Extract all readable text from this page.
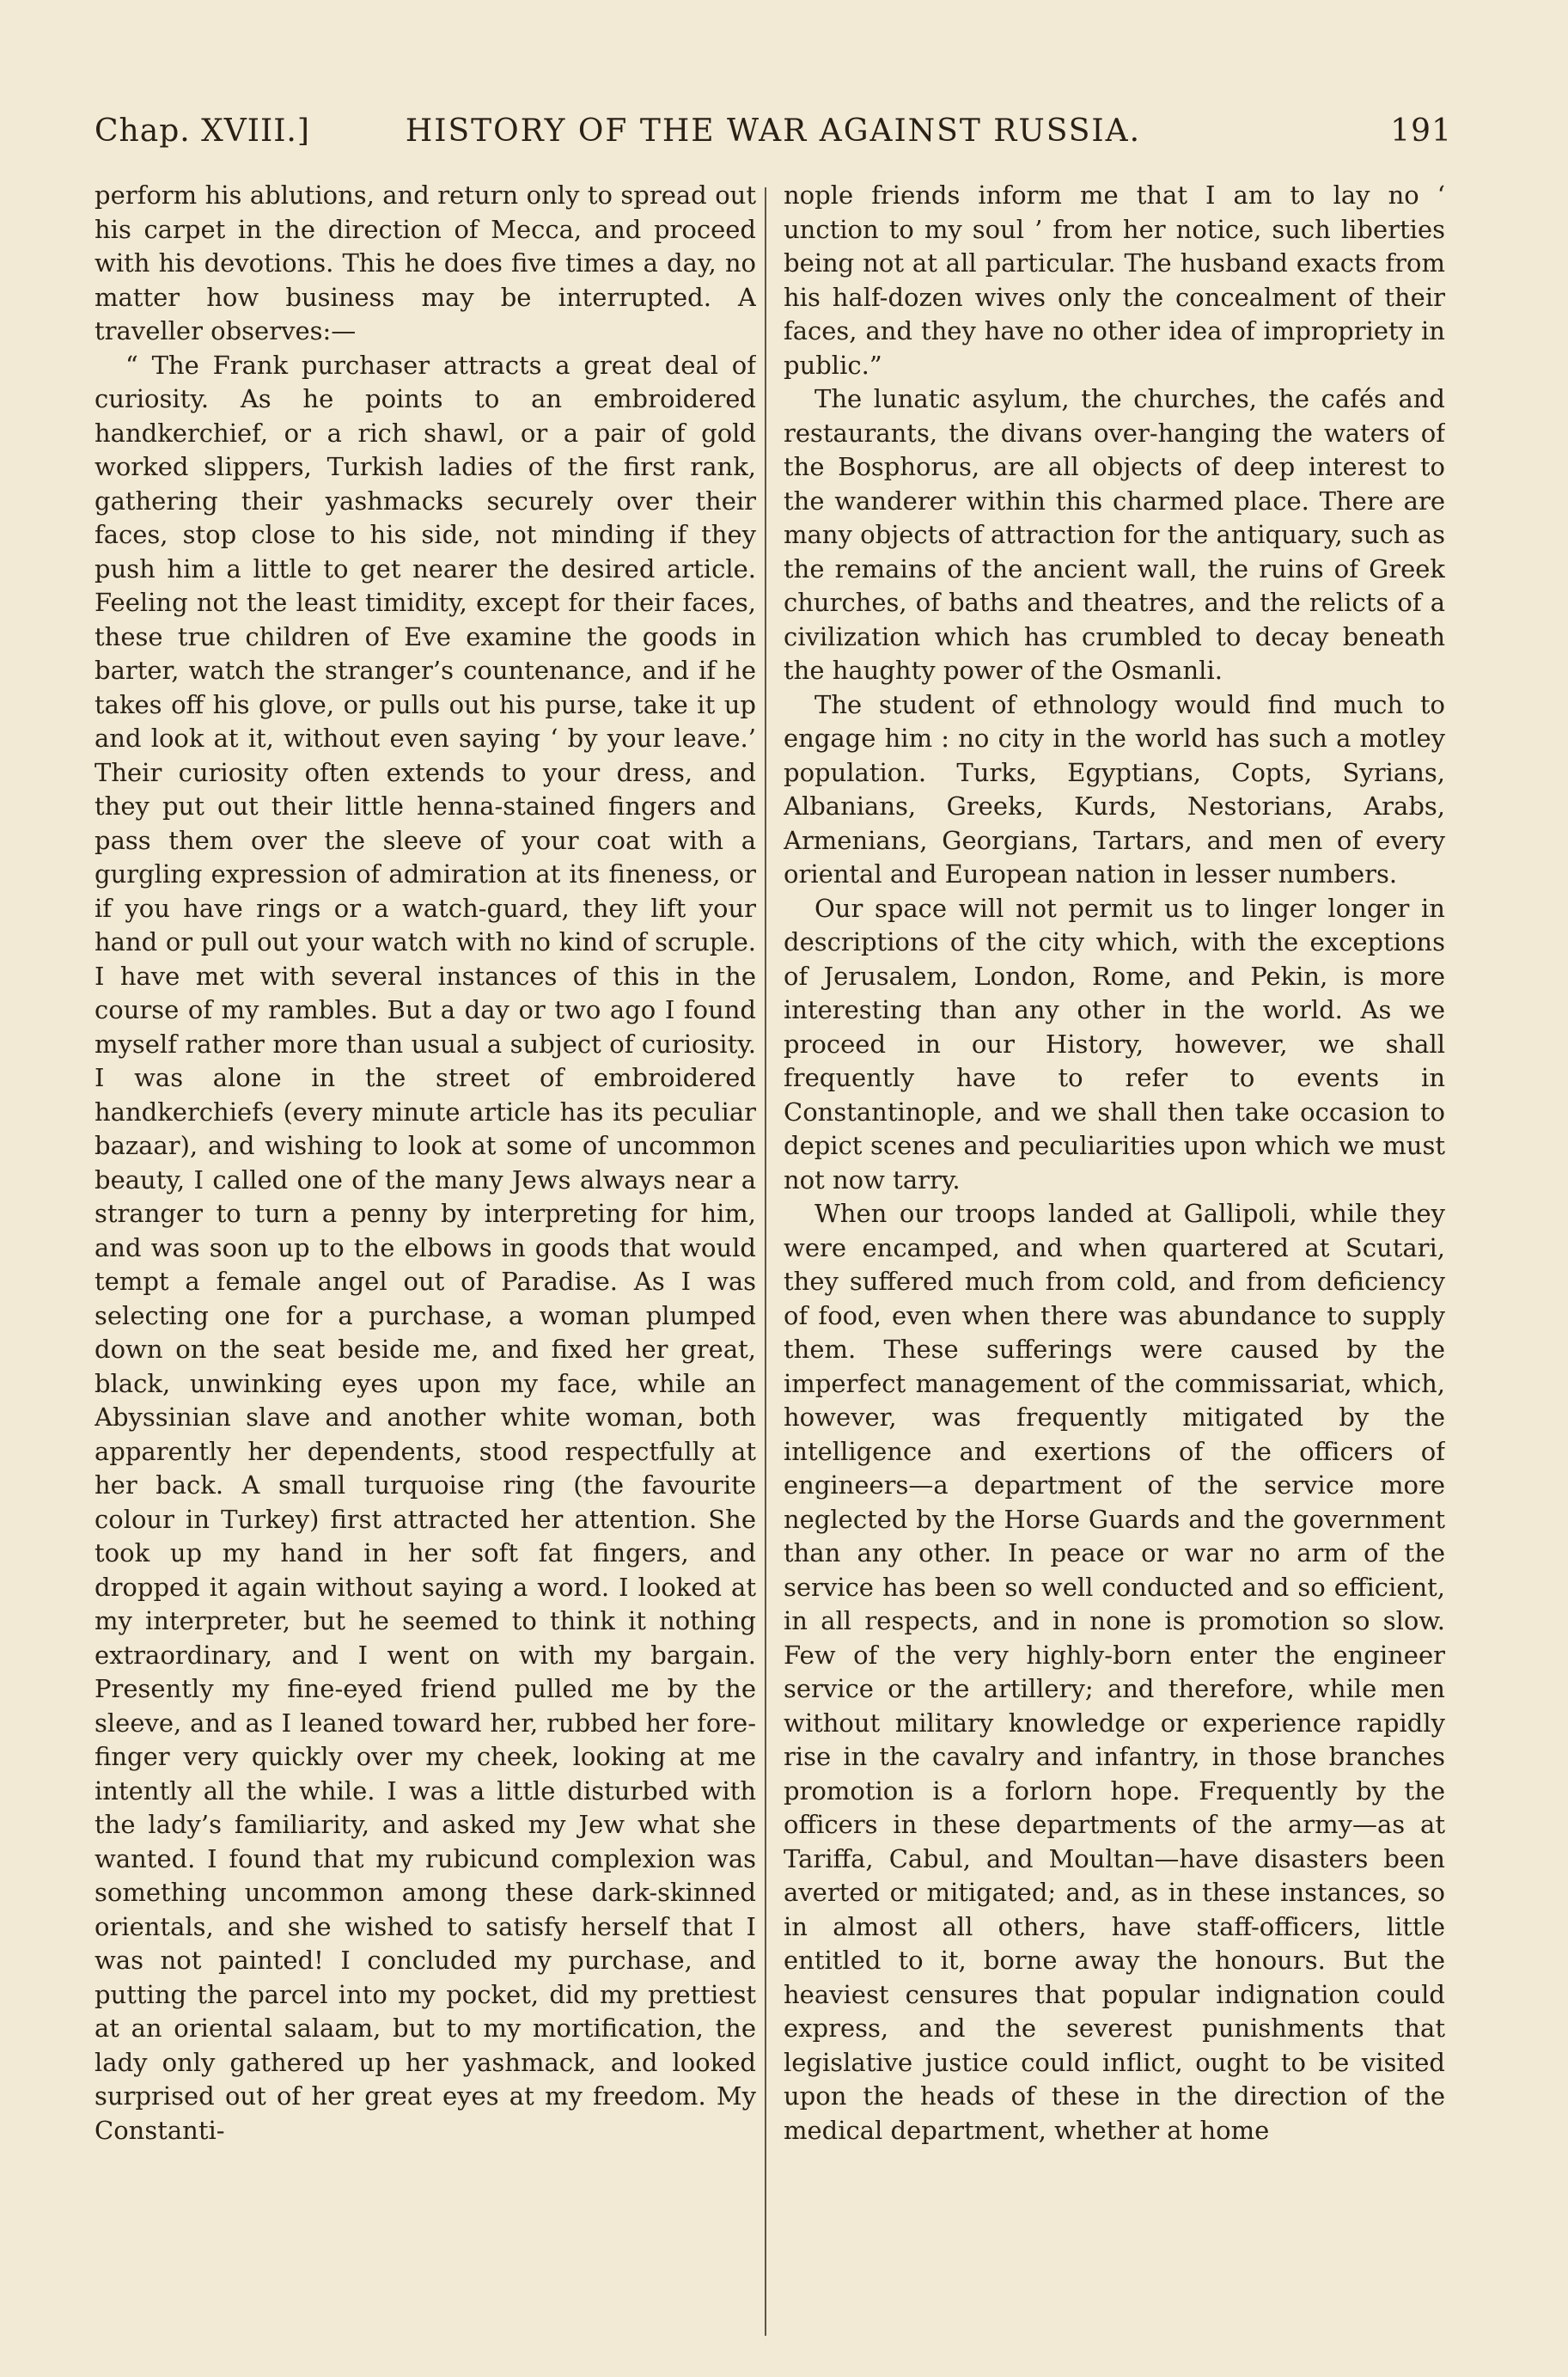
Chap. XVIII.]	HISTORY OF THE WAR AGAINST RUSSIA.	191

perform his ablutions, and return only to spread out his carpet in the direction of Mecca, and proceed with his devotions. This he does five times a day, no matter how business may be interrupted. A traveller observes:—

“ The Frank purchaser attracts a great deal of curiosity. As he points to an embroidered handkerchief, or a rich shawl, or a pair of gold worked slippers, Turkish ladies of the first rank, gathering their yashmacks securely over their faces, stop close to his side, not minding if they push him a little to get nearer the desired article. Feeling not the least timidity, except for their faces, these true children of Eve examine the goods in barter, watch the stranger’s countenance, and if he takes off his glove, or pulls out his purse, take it up and look at it, without even saying ‘ by your leave.’ Their curiosity often extends to your dress, and they put out their little henna-stained fingers and pass them over the sleeve of your coat with a gurgling expression of admiration at its fineness, or if you have rings or a watch-guard, they lift your hand or pull out your watch with no kind of scruple. I have met with several instances of this in the course of my rambles. But a day or two ago I found myself rather more than usual a subject of curiosity. I was alone in the street of embroidered handkerchiefs (every minute article has its peculiar bazaar), and wishing to look at some of uncommon beauty, I called one of the many Jews always near a stranger to turn a penny by interpreting for him, and was soon up to the elbows in goods that would tempt a female angel out of Paradise. As I was selecting one for a purchase, a woman plumped down on the seat beside me, and fixed her great, black, unwinking eyes upon my face, while an Abyssinian slave and another white woman, both apparently her dependents, stood respectfully at her back. A small turquoise ring (the favourite colour in Turkey) first attracted her attention. She took up my hand in her soft fat fingers, and dropped it again without saying a word. I looked at my interpreter, but he seemed to think it nothing extraordinary, and I went on with my bargain. Presently my fine-eyed friend pulled me by the sleeve, and as I leaned toward her, rubbed her fore-finger very quickly over my cheek, looking at me intently all the while. I was a little disturbed with the lady’s familiarity, and asked my Jew what she wanted. I found that my rubicund complexion was something uncommon among these dark-skinned orientals, and she wished to satisfy herself that I was not painted! I concluded my purchase, and putting the parcel into my pocket, did my prettiest at an oriental salaam, but to my mortification, the lady only gathered up her yashmack, and looked surprised out of her great eyes at my freedom. My Constanti-

nople friends inform me that I am to lay no ‘ unction to my soul ’ from her notice, such liberties being not at all particular. The husband exacts from his half-dozen wives only the concealment of their faces, and they have no other idea of impropriety in public.”

The lunatic asylum, the churches, the cafés and restaurants, the divans over-hanging the waters of the Bosphorus, are all objects of deep interest to the wanderer within this charmed place. There are many objects of attraction for the antiquary, such as the remains of the ancient wall, the ruins of Greek churches, of baths and theatres, and the relicts of a civilization which has crumbled to decay beneath the haughty power of the Osmanli.

The student of ethnology would find much to engage him : no city in the world has such a motley population. Turks, Egyptians, Copts, Syrians, Albanians, Greeks, Kurds, Nestorians, Arabs, Armenians, Georgians, Tartars, and men of every oriental and European nation in lesser numbers.

Our space will not permit us to linger longer in descriptions of the city which, with the exceptions of Jerusalem, London, Rome, and Pekin, is more interesting than any other in the world. As we proceed in our History, however, we shall frequently have to refer to events in Constantinople, and we shall then take occasion to depict scenes and peculiarities upon which we must not now tarry.

When our troops landed at Gallipoli, while they were encamped, and when quartered at Scutari, they suffered much from cold, and from deficiency of food, even when there was abundance to supply them. These sufferings were caused by the imperfect management of the commissariat, which, however, was frequently mitigated by the intelligence and exertions of the officers of engineers—a department of the service more neglected by the Horse Guards and the government than any other. In peace or war no arm of the service has been so well conducted and so efficient, in all respects, and in none is promotion so slow. Few of the very highly-born enter the engineer service or the artillery; and therefore, while men without military knowledge or experience rapidly rise in the cavalry and infantry, in those branches promotion is a forlorn hope. Frequently by the officers in these departments of the army—as at Tariffa, Cabul, and Moultan—have disasters been averted or mitigated; and, as in these instances, so in almost all others, have staff-officers, little entitled to it, borne away the honours. But the heaviest censures that popular indignation could express, and the severest punishments that legislative justice could inflict, ought to be visited upon the heads of these in the direction of the medical department, whether at home
